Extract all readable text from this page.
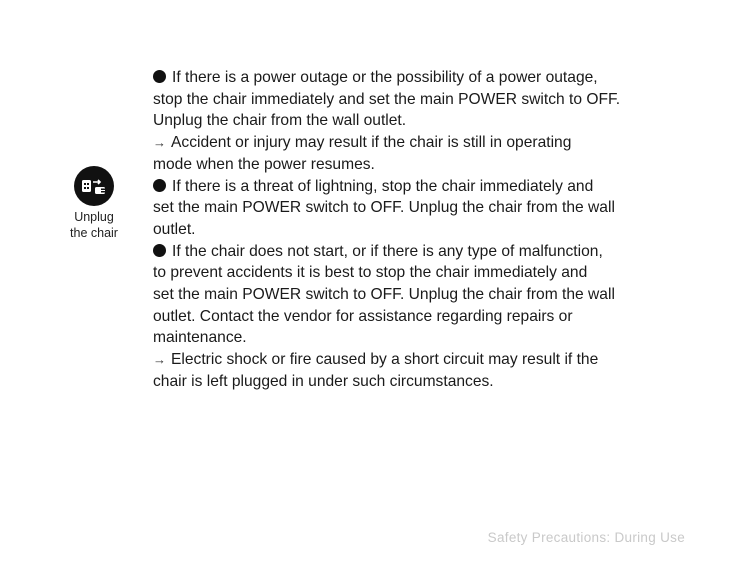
Unplug
the chair
If there is a power outage or the possibility of a power outage,
stop the chair immediately and set the main POWER switch to OFF.
Unplug the chair from the wall outlet.
→ Accident or injury may result if the chair is still in operating
mode when the power resumes.
If there is a threat of lightning, stop the chair immediately and
set the main POWER switch to OFF. Unplug the chair from the wall
outlet.
If the chair does not start, or if there is any type of malfunction,
to prevent accidents it is best to stop the chair immediately and
set the main POWER switch to OFF. Unplug the chair from the wall
outlet. Contact the vendor for assistance regarding repairs or
maintenance.
→ Electric shock or fire caused by a short circuit may result if the
chair is left plugged in under such circumstances.
Safety Precautions: During Use
